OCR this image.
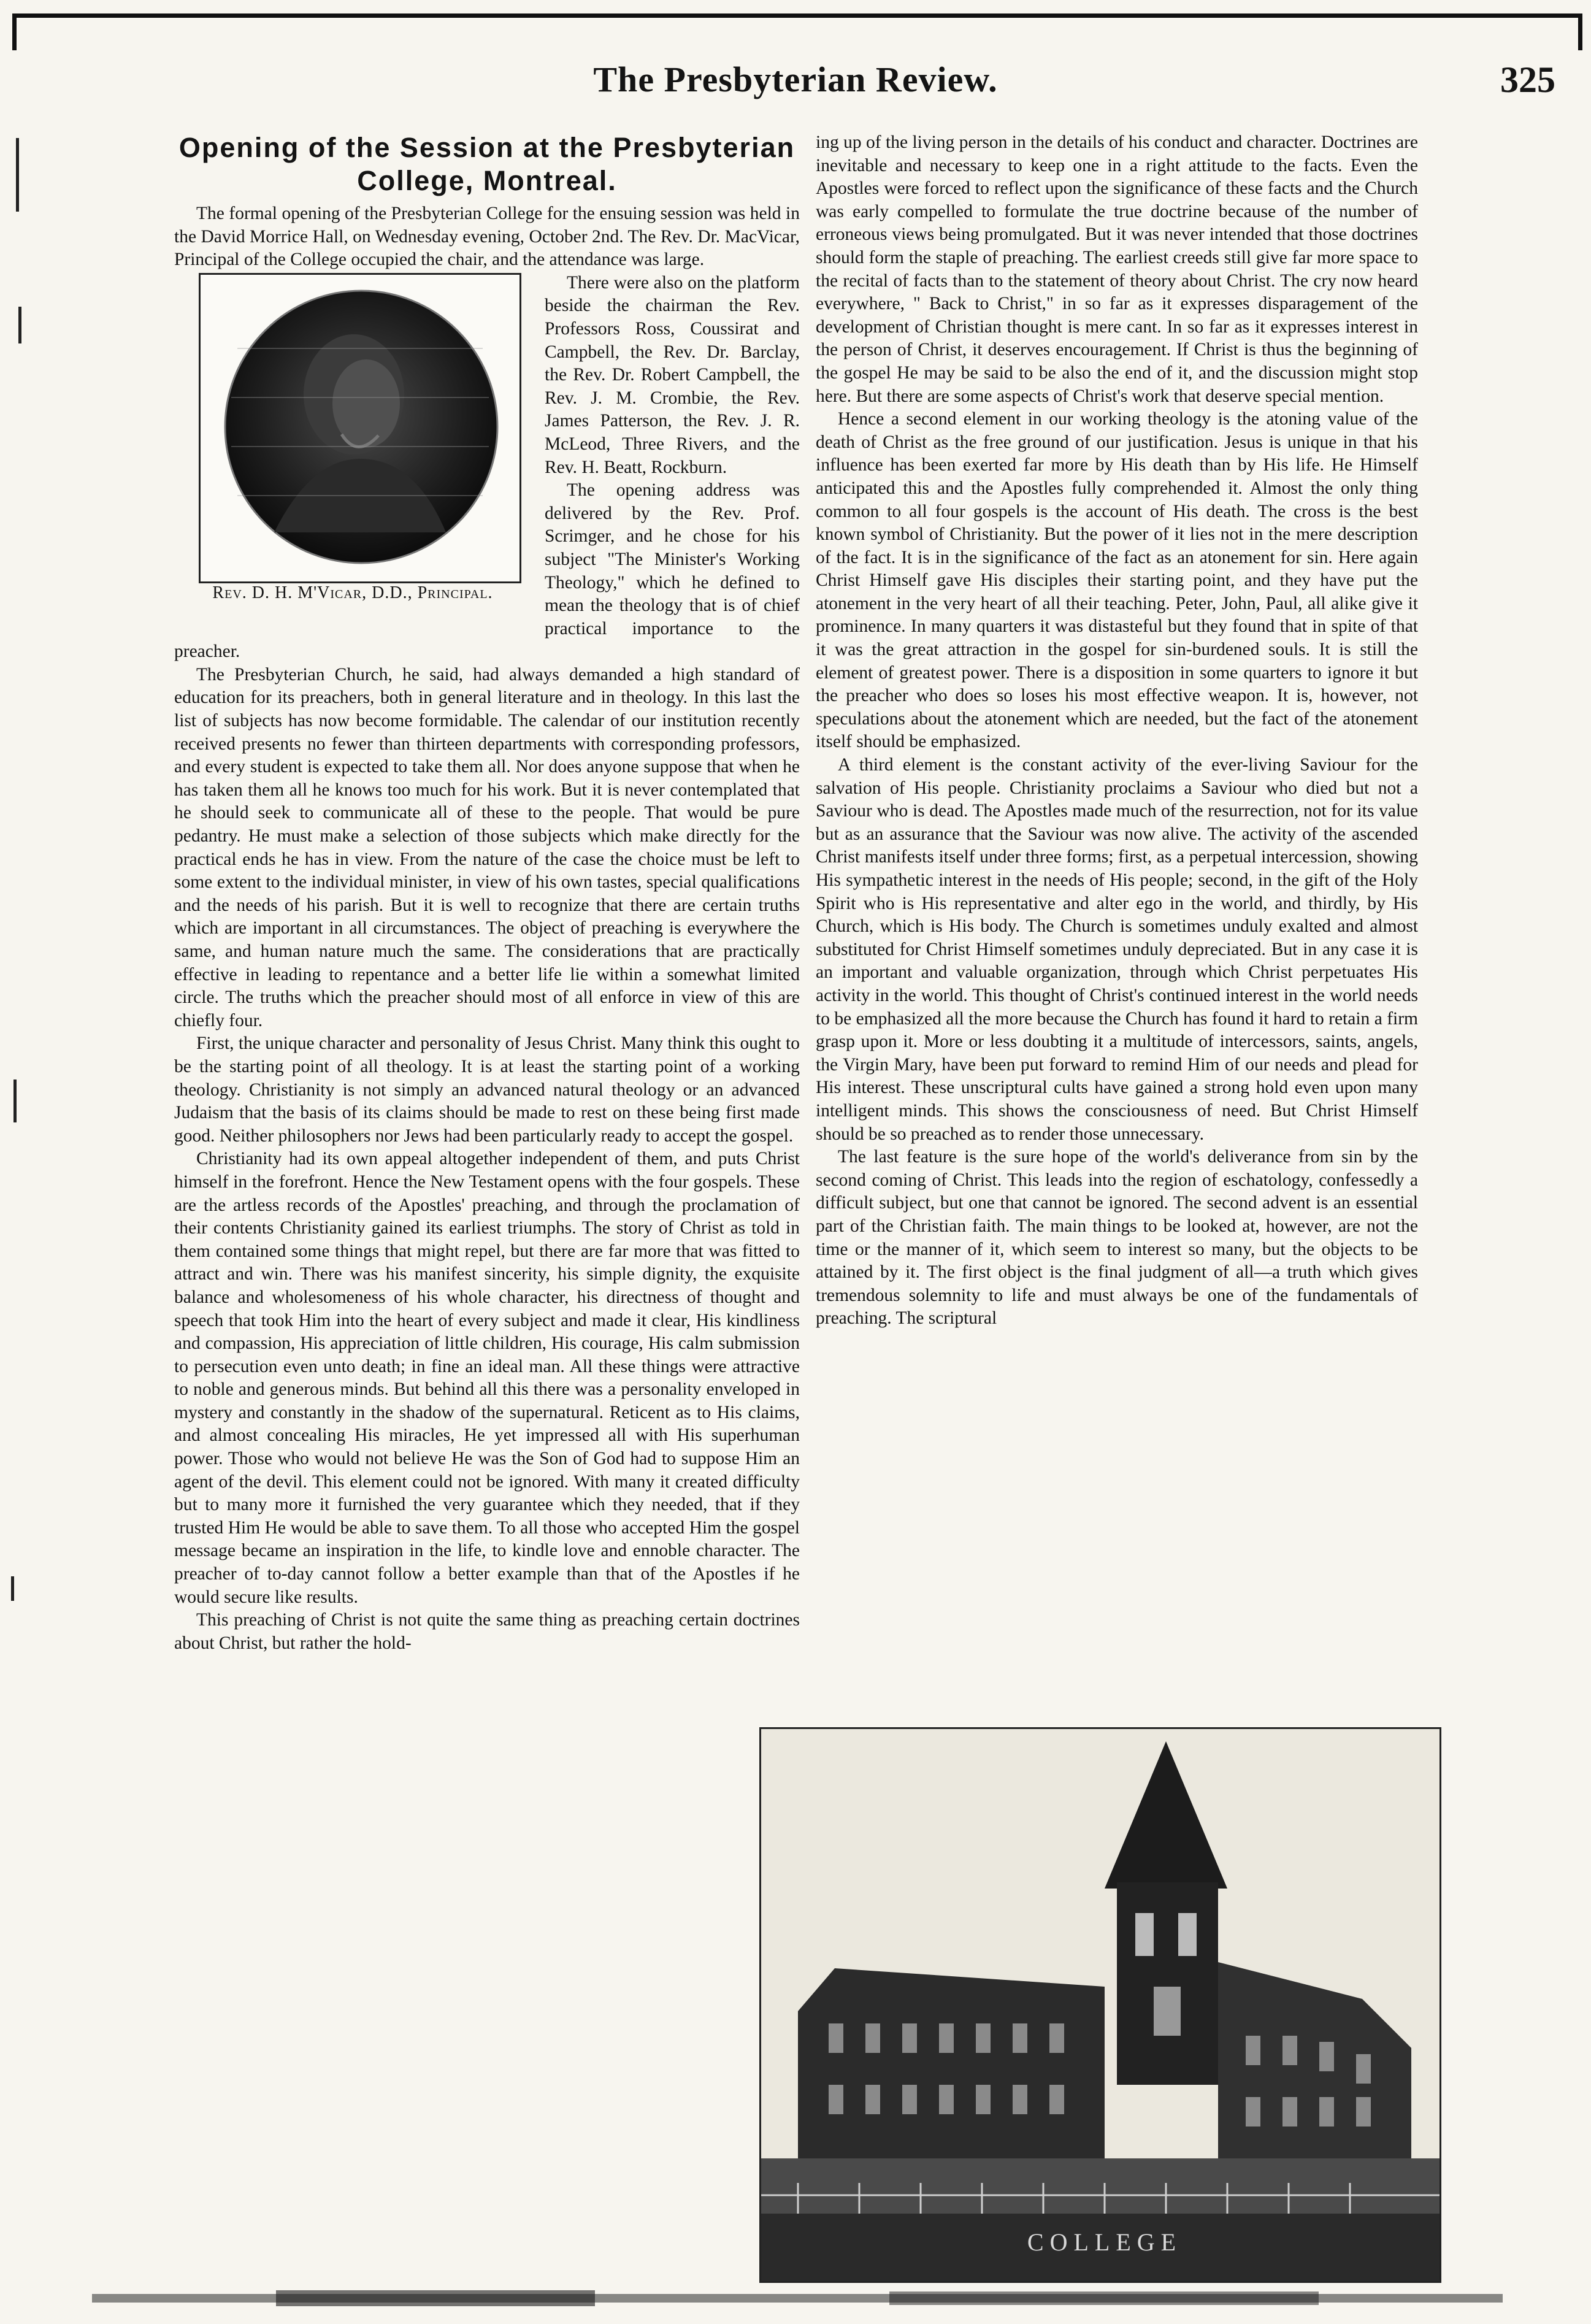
The Presbyterian Review.	325
Opening of the Session at the Presbyterian College, Montreal.

The formal opening of the Presbyterian College for the ensuing session was held in the David Morrice Hall, on Wednesday evening, October 2nd. The Rev. Dr. MacVicar, Principal of the College occupied the chair, and the attendance was large.

Rev. D. H. M'Vicar, D.D., Principal.

There were also on the platform beside the chairman the Rev. Professors Ross, Coussirat and Campbell, the Rev. Dr. Barclay, the Rev. Dr. Robert Campbell, the Rev. J. M. Crombie, the Rev. James Patterson, the Rev. J. R. McLeod, Three Rivers, and the Rev. H. Beatt, Rockburn.

The opening address was delivered by the Rev. Prof. Scrimger, and he chose for his subject "The Minister's Working Theology," which he defined to mean the theology that is of chief practical importance to the preacher.

The Presbyterian Church, he said, had always demanded a high standard of education for its preachers, both in general literature and in theology. In this last the list of subjects has now become formidable. The calendar of our institution recently received presents no fewer than thirteen departments with corresponding professors, and every student is expected to take them all. Nor does anyone suppose that when he has taken them all he knows too much for his work. But it is never contemplated that he should seek to communicate all of these to the people. That would be pure pedantry. He must make a selection of those subjects which make directly for the practical ends he has in view. From the nature of the case the choice must be left to some extent to the individual minister, in view of his own tastes, special qualifications and the needs of his parish. But it is well to recognize that there are certain truths which are important in all circumstances. The object of preaching is everywhere the same, and human nature much the same. The considerations that are practically effective in leading to repentance and a better life lie within a somewhat limited circle. The truths which the preacher should most of all enforce in view of this are chiefly four.

First, the unique character and personality of Jesus Christ. Many think this ought to be the starting point of all theology. It is at least the starting point of a working theology. Christianity is not simply an advanced natural theology or an advanced Judaism that the basis of its claims should be made to rest on these being first made good. Neither philosophers nor Jews had been particularly ready to accept the gospel.

Christianity had its own appeal altogether independent of them, and puts Christ himself in the forefront. Hence the New Testament opens with the four gospels. These are the artless records of the Apostles' preaching, and through the proclamation of their contents Christianity gained its earliest triumphs. The story of Christ as told in them contained some things that might repel, but there are far more that was fitted to attract and win. There was his manifest sincerity, his simple dignity, the exquisite balance and wholesomeness of his whole character, his directness of thought and speech that took Him into the heart of every subject and made it clear, His kindliness and compassion, His appreciation of little children, His courage, His calm submission to persecution even unto death; in fine an ideal man. All these things were attractive to noble and generous minds. But behind all this there was a personality enveloped in mystery and constantly in the shadow of the supernatural. Reticent as to His claims, and almost concealing His miracles, He yet impressed all with His superhuman power. Those who would not believe He was the Son of God had to suppose Him an agent of the devil. This element could not be ignored. With many it created difficulty but to many more it furnished the very guarantee which they needed, that if they trusted Him He would be able to save them. To all those who accepted Him the gospel message became an inspiration in the life, to kindle love and ennoble character. The preacher of to-day cannot follow a better example than that of the Apostles if he would secure like results.

This preaching of Christ is not quite the same thing as preaching certain doctrines about Christ, but rather the hold-

ing up of the living person in the details of his conduct and character. Doctrines are inevitable and necessary to keep one in a right attitude to the facts. Even the Apostles were forced to reflect upon the significance of these facts and the Church was early compelled to formulate the true doctrine because of the number of erroneous views being promulgated. But it was never intended that those doctrines should form the staple of preaching. The earliest creeds still give far more space to the recital of facts than to the statement of theory about Christ. The cry now heard everywhere, " Back to Christ," in so far as it expresses disparagement of the development of Christian thought is mere cant. In so far as it expresses interest in the person of Christ, it deserves encouragement. If Christ is thus the beginning of the gospel He may be said to be also the end of it, and the discussion might stop here. But there are some aspects of Christ's work that deserve special mention.

Hence a second element in our working theology is the atoning value of the death of Christ as the free ground of our justification. Jesus is unique in that his influence has been exerted far more by His death than by His life. He Himself anticipated this and the Apostles fully comprehended it. Almost the only thing common to all four gospels is the account of His death. The cross is the best known symbol of Christianity. But the power of it lies not in the mere description of the fact. It is in the significance of the fact as an atonement for sin. Here again Christ Himself gave His disciples their starting point, and they have put the atonement in the very heart of all their teaching. Peter, John, Paul, all alike give it prominence. In many quarters it was distasteful but they found that in spite of that it was the great attraction in the gospel for sin-burdened souls. It is still the element of greatest power. There is a disposition in some quarters to ignore it but the preacher who does so loses his most effective weapon. It is, however, not speculations about the atonement which are needed, but the fact of the atonement itself should be emphasized.

A third element is the constant activity of the ever-living Saviour for the salvation of His people. Christianity proclaims a Saviour who died but not a Saviour who is dead. The Apostles made much of the resurrection, not for its value but as an assurance that the Saviour was now alive. The activity of the ascended Christ manifests itself under three forms; first, as a perpetual intercession, showing His sympathetic interest in the needs of His people; second, in the gift of the Holy Spirit who is His representative and alter ego in the world, and thirdly, by His Church, which is His body. The Church is sometimes unduly exalted and almost substituted for Christ Himself sometimes unduly depreciated. But in any case it is an important and valuable organization, through which Christ perpetuates His activity in the world. This thought of Christ's continued interest in the world needs to be emphasized all the more because the Church has found it hard to retain a firm grasp upon it. More or less doubting it a multitude of intercessors, saints, angels, the Virgin Mary, have been put forward to remind Him of our needs and plead for His interest. These unscriptural cults have gained a strong hold even upon many intelligent minds. This shows the consciousness of need. But Christ Himself should be so preached as to render those unnecessary.

The last feature is the sure hope of the world's deliverance from sin by the second coming of Christ. This leads into the region of eschatology, confessedly a difficult subject, but one that cannot be ignored. The second advent is an essential part of the Christian faith. The main things to be looked at, however, are not the time or the manner of it, which seem to interest so many, but the objects to be attained by it. The first object is the final judgment of all—a truth which gives tremendous solemnity to life and must always be one of the fundamentals of preaching. The scriptural

COLLEGE
